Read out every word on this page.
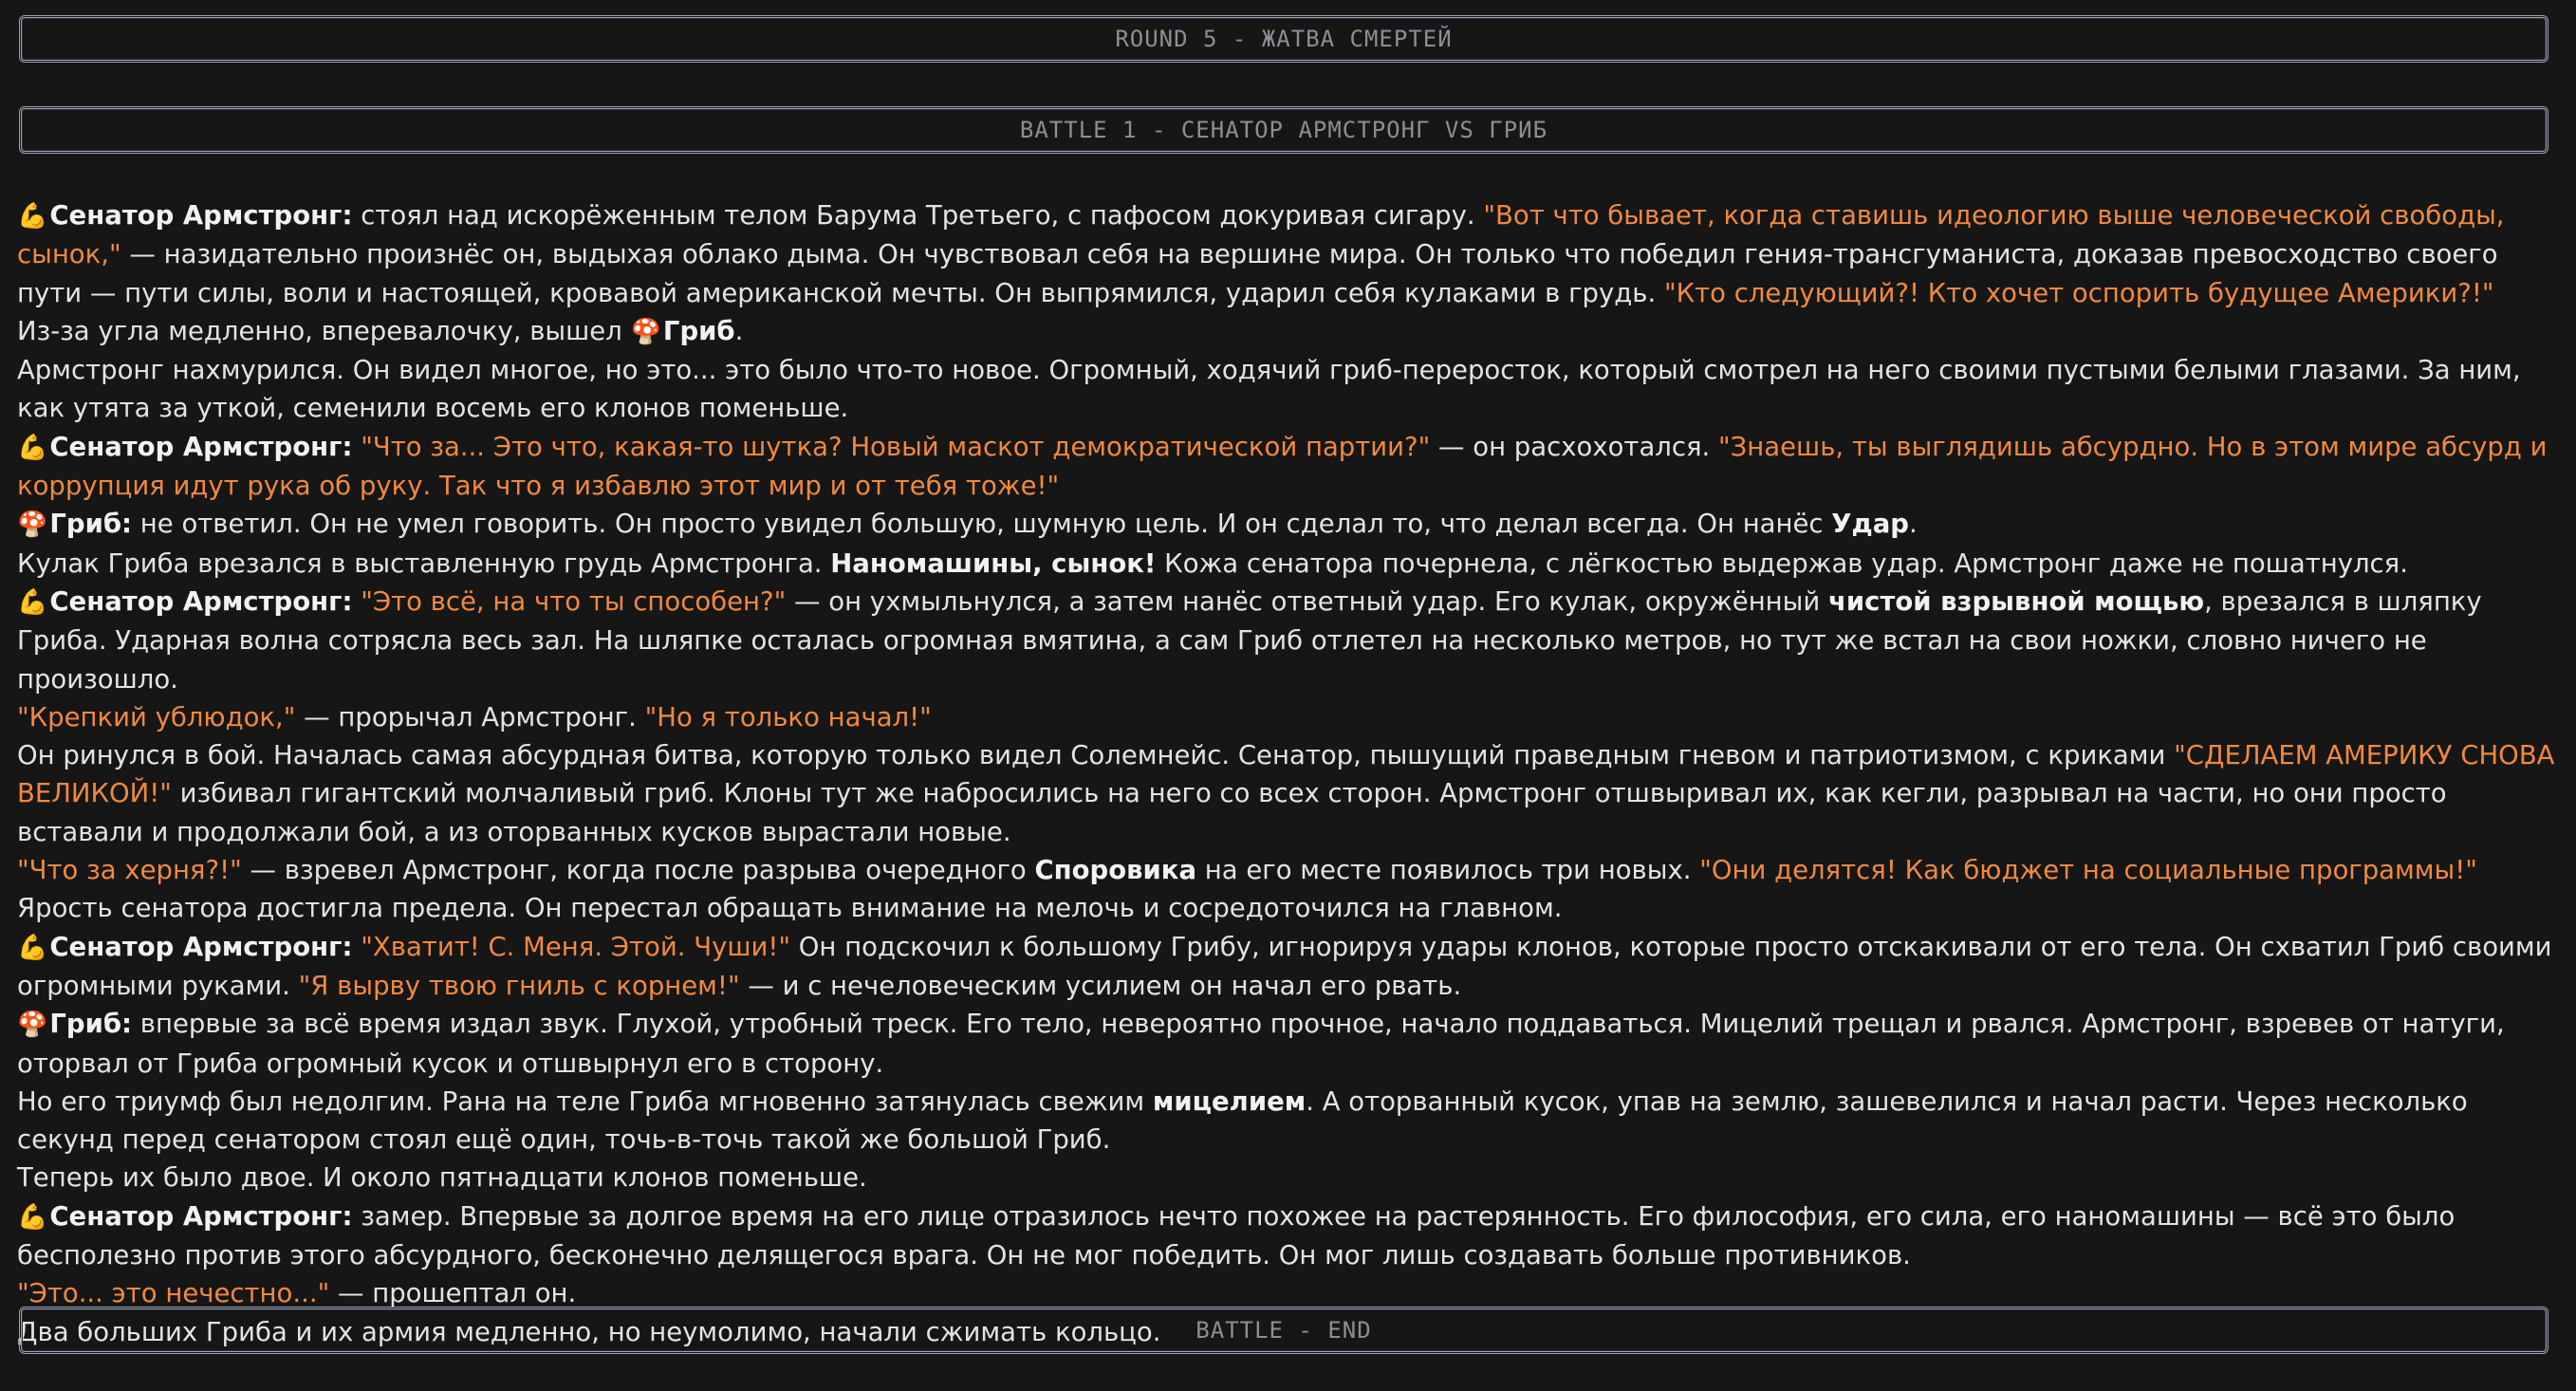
ROUND 5 - ЖАТВА СМЕРТЕЙ
BATTLE 1 - СЕНАТОР АРМСТРОНГ VS ГРИБ

💪Сенатор Армстронг: стоял над искорёженным телом Барума Третьего, с пафосом докуривая сигару. "Вот что бывает, когда ставишь идеологию выше человеческой свободы, сынок," — назидательно произнёс он, выдыхая облако дыма. Он чувствовал себя на вершине мира. Он только что победил гения-трансгуманиста, доказав превосходство своего пути — пути силы, воли и настоящей, кровавой американской мечты. Он выпрямился, ударил себя кулаками в грудь. "Кто следующий?! Кто хочет оспорить будущее Америки?!"

Из-за угла медленно, вперевалочку, вышел 🍄Гриб.

Армстронг нахмурился. Он видел многое, но это... это было что-то новое. Огромный, ходячий гриб-переросток, который смотрел на него своими пустыми белыми глазами. За ним, как утята за уткой, семенили восемь его клонов поменьше.

💪Сенатор Армстронг: "Что за... Это что, какая-то шутка? Новый маскот демократической партии?" — он расхохотался. "Знаешь, ты выглядишь абсурдно. Но в этом мире абсурд и коррупция идут рука об руку. Так что я избавлю этот мир и от тебя тоже!"

🍄Гриб: не ответил. Он не умел говорить. Он просто увидел большую, шумную цель. И он сделал то, что делал всегда. Он нанёс Удар.

Кулак Гриба врезался в выставленную грудь Армстронга. Наномашины, сынок! Кожа сенатора почернела, с лёгкостью выдержав удар. Армстронг даже не пошатнулся.

💪Сенатор Армстронг: "Это всё, на что ты способен?" — он ухмыльнулся, а затем нанёс ответный удар. Его кулак, окружённый чистой взрывной мощью, врезался в шляпку Гриба. Ударная волна сотрясла весь зал. На шляпке осталась огромная вмятина, а сам Гриб отлетел на несколько метров, но тут же встал на свои ножки, словно ничего не произошло.

"Крепкий ублюдок," — прорычал Армстронг. "Но я только начал!"

Он ринулся в бой. Началась самая абсурдная битва, которую только видел Солемнейс. Сенатор, пышущий праведным гневом и патриотизмом, с криками "СДЕЛАЕМ АМЕРИКУ СНОВА ВЕЛИКОЙ!" избивал гигантский молчаливый гриб. Клоны тут же набросились на него со всех сторон. Армстронг отшвыривал их, как кегли, разрывал на части, но они просто вставали и продолжали бой, а из оторванных кусков вырастали новые.

"Что за херня?!" — взревел Армстронг, когда после разрыва очередного Споровика на его месте появилось три новых. "Они делятся! Как бюджет на социальные программы!"

Ярость сенатора достигла предела. Он перестал обращать внимание на мелочь и сосредоточился на главном.

💪Сенатор Армстронг: "Хватит! С. Меня. Этой. Чуши!" Он подскочил к большому Грибу, игнорируя удары клонов, которые просто отскакивали от его тела. Он схватил Гриб своими огромными руками. "Я вырву твою гниль с корнем!" — и с нечеловеческим усилием он начал его рвать.

🍄Гриб: впервые за всё время издал звук. Глухой, утробный треск. Его тело, невероятно прочное, начало поддаваться. Мицелий трещал и рвался. Армстронг, взревев от натуги, оторвал от Гриба огромный кусок и отшвырнул его в сторону.

Но его триумф был недолгим. Рана на теле Гриба мгновенно затянулась свежим мицелием. А оторванный кусок, упав на землю, зашевелился и начал расти. Через несколько секунд перед сенатором стоял ещё один, точь-в-точь такой же большой Гриб.

Теперь их было двое. И около пятнадцати клонов поменьше.

💪Сенатор Армстронг: замер. Впервые за долгое время на его лице отразилось нечто похожее на растерянность. Его философия, его сила, его наномашины — всё это было бесполезно против этого абсурдного, бесконечно делящегося врага. Он не мог победить. Он мог лишь создавать больше противников.

"Это... это нечестно..." — прошептал он.

Два больших Гриба и их армия медленно, но неумолимо, начали сжимать кольцо.	BATTLE - END
